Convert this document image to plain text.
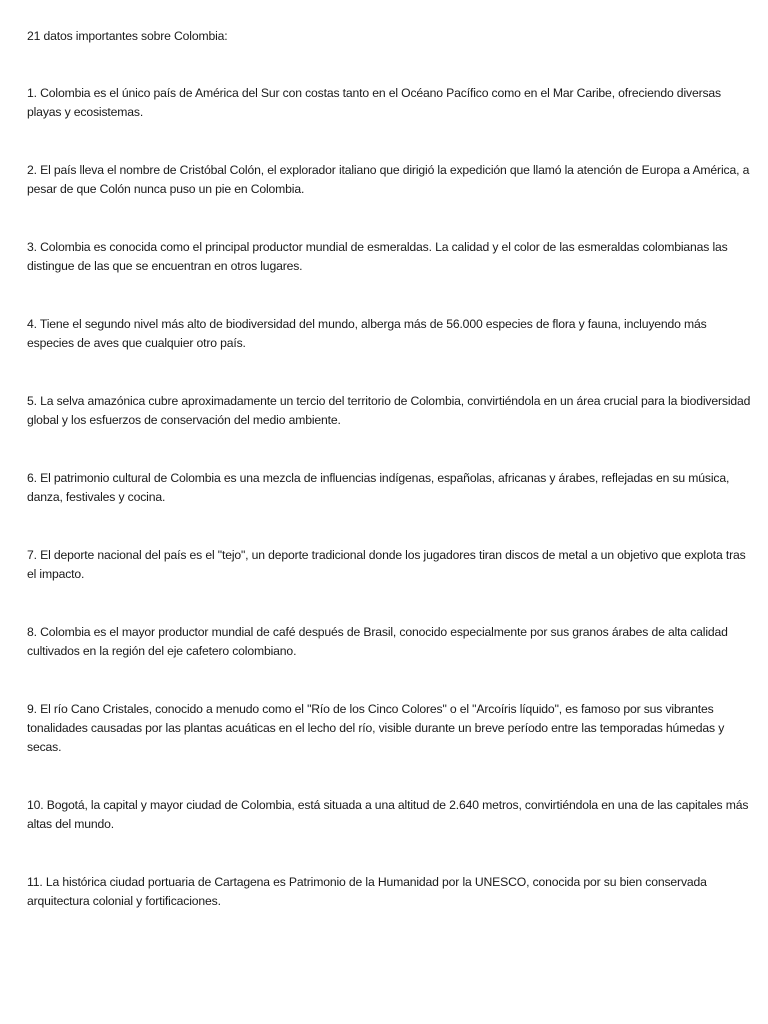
21 datos importantes sobre Colombia:

1. Colombia es el único país de América del Sur con costas tanto en el Océano Pacífico como en el Mar Caribe, ofreciendo diversas playas y ecosistemas.

2. El país lleva el nombre de Cristóbal Colón, el explorador italiano que dirigió la expedición que llamó la atención de Europa a América, a pesar de que Colón nunca puso un pie en Colombia.

3. Colombia es conocida como el principal productor mundial de esmeraldas. La calidad y el color de las esmeraldas colombianas las distingue de las que se encuentran en otros lugares.

4. Tiene el segundo nivel más alto de biodiversidad del mundo, alberga más de 56.000 especies de flora y fauna, incluyendo más especies de aves que cualquier otro país.

5. La selva amazónica cubre aproximadamente un tercio del territorio de Colombia, convirtiéndola en un área crucial para la biodiversidad global y los esfuerzos de conservación del medio ambiente.

6. El patrimonio cultural de Colombia es una mezcla de influencias indígenas, españolas, africanas y árabes, reflejadas en su música, danza, festivales y cocina.

7. El deporte nacional del país es el "tejo", un deporte tradicional donde los jugadores tiran discos de metal a un objetivo que explota tras el impacto.

8. Colombia es el mayor productor mundial de café después de Brasil, conocido especialmente por sus granos árabes de alta calidad cultivados en la región del eje cafetero colombiano.

9. El río Cano Cristales, conocido a menudo como el "Río de los Cinco Colores" o el "Arcoíris líquido", es famoso por sus vibrantes tonalidades causadas por las plantas acuáticas en el lecho del río, visible durante un breve período entre las temporadas húmedas y secas.

10. Bogotá, la capital y mayor ciudad de Colombia, está situada a una altitud de 2.640 metros, convirtiéndola en una de las capitales más altas del mundo.

11. La histórica ciudad portuaria de Cartagena es Patrimonio de la Humanidad por la UNESCO, conocida por su bien conservada arquitectura colonial y fortificaciones.
